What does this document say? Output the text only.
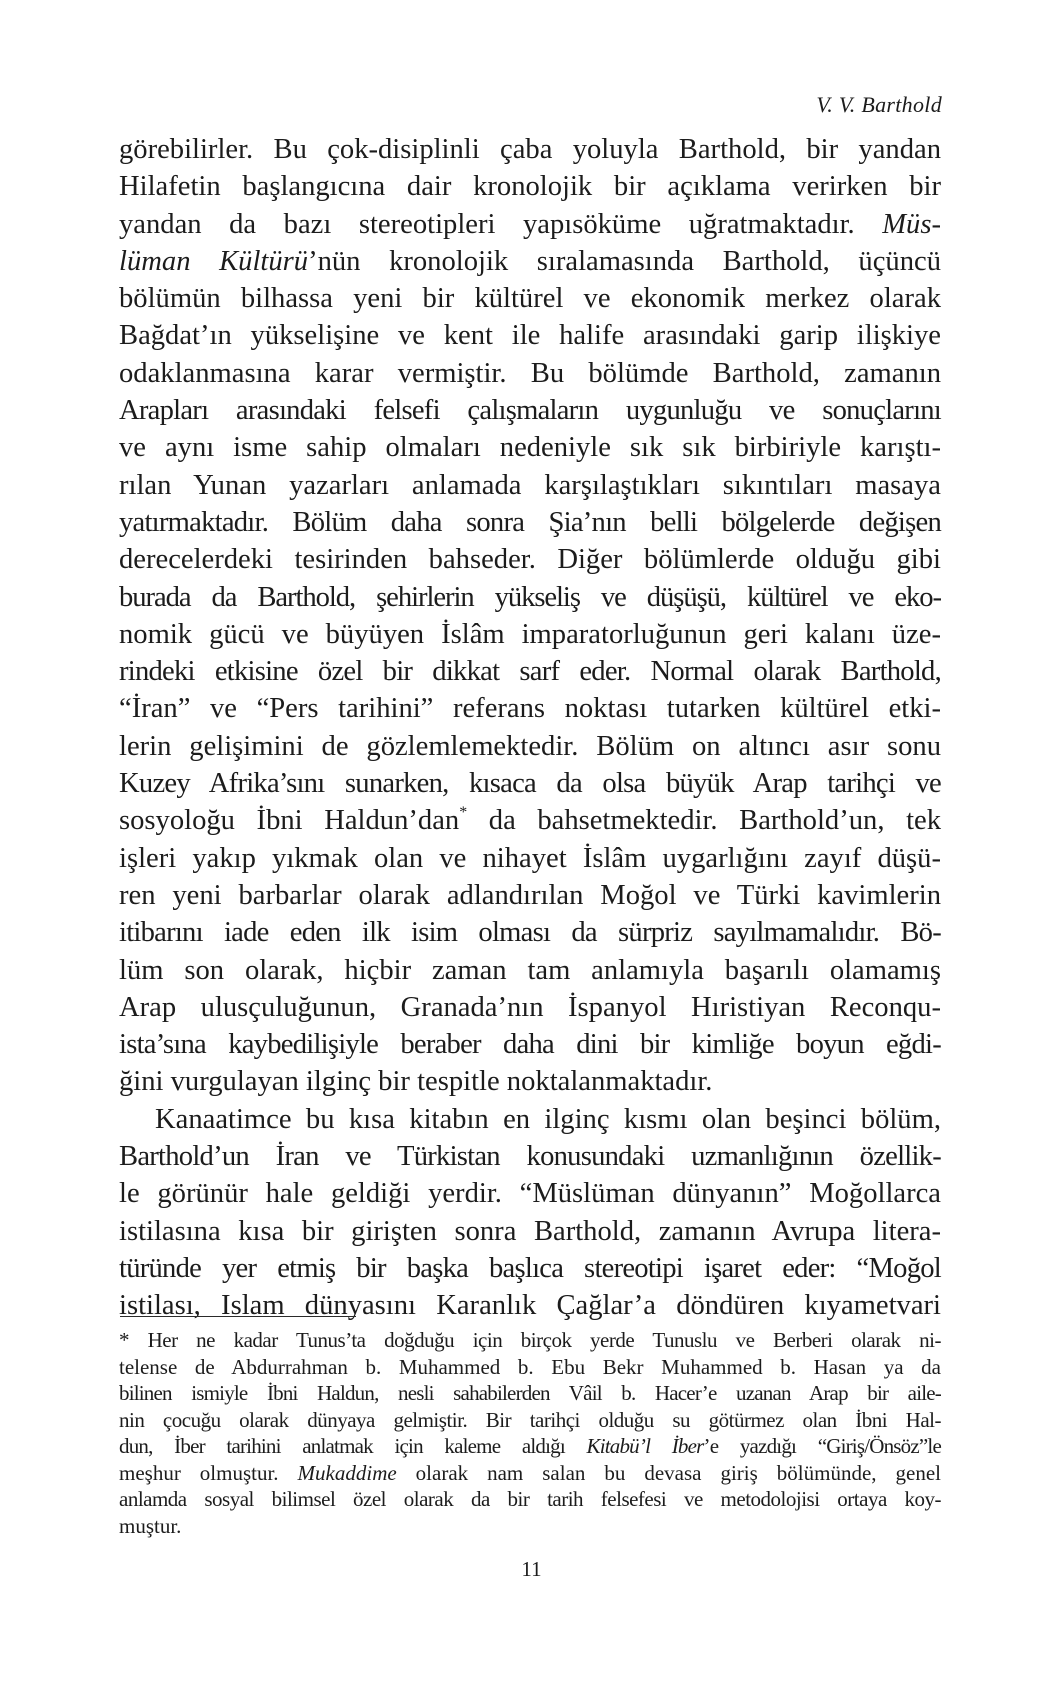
V. V. Barthold
görebilirler. Bu çok-disiplinli çaba yoluyla Barthold, bir yandan
Hilafetin başlangıcına dair kronolojik bir açıklama verirken bir
yandan da bazı stereotipleri yapısöküme uğratmaktadır. Müs-
lüman Kültürü’nün kronolojik sıralamasında Barthold, üçüncü
bölümün bilhassa yeni bir kültürel ve ekonomik merkez olarak
Bağdat’ın yükselişine ve kent ile halife arasındaki garip ilişkiye
odaklanmasına karar vermiştir. Bu bölümde Barthold, zamanın
Arapları arasındaki felsefi çalışmaların uygunluğu ve sonuçlarını
ve aynı isme sahip olmaları nedeniyle sık sık birbiriyle karıştı-
rılan Yunan yazarları anlamada karşılaştıkları sıkıntıları masaya
yatırmaktadır. Bölüm daha sonra Şia’nın belli bölgelerde değişen
derecelerdeki tesirinden bahseder. Diğer bölümlerde olduğu gibi
burada da Barthold, şehirlerin yükseliş ve düşüşü, kültürel ve eko-
nomik gücü ve büyüyen İslâm imparatorluğunun geri kalanı üze-
rindeki etkisine özel bir dikkat sarf eder. Normal olarak Barthold,
“İran” ve “Pers tarihini” referans noktası tutarken kültürel etki-
lerin gelişimini de gözlemlemektedir. Bölüm on altıncı asır sonu
Kuzey Afrika’sını sunarken, kısaca da olsa büyük Arap tarihçi ve
sosyoloğu İbni Haldun’dan* da bahsetmektedir. Barthold’un, tek
işleri yakıp yıkmak olan ve nihayet İslâm uygarlığını zayıf düşü-
ren yeni barbarlar olarak adlandırılan Moğol ve Türki kavimlerin
itibarını iade eden ilk isim olması da sürpriz sayılmamalıdır. Bö-
lüm son olarak, hiçbir zaman tam anlamıyla başarılı olamamış
Arap ulusçuluğunun, Granada’nın İspanyol Hıristiyan Reconqu-
ista’sına kaybedilişiyle beraber daha dini bir kimliğe boyun eğdi-
ğini vurgulayan ilginç bir tespitle noktalanmaktadır.
Kanaatimce bu kısa kitabın en ilginç kısmı olan beşinci bölüm,
Barthold’un İran ve Türkistan konusundaki uzmanlığının özellik-
le görünür hale geldiği yerdir. “Müslüman dünyanın” Moğollarca
istilasına kısa bir girişten sonra Barthold, zamanın Avrupa litera-
türünde yer etmiş bir başka başlıca stereotipi işaret eder: “Moğol
istilası, Islam dünyasını Karanlık Çağlar’a döndüren kıyametvari
* Her ne kadar Tunus’ta doğduğu için birçok yerde Tunuslu ve Berberi olarak ni-
telense de Abdurrahman b. Muhammed b. Ebu Bekr Muhammed b. Hasan ya da
bilinen ismiyle İbni Haldun, nesli sahabilerden Vâil b. Hacer’e uzanan Arap bir aile-
nin çocuğu olarak dünyaya gelmiştir. Bir tarihçi olduğu su götürmez olan İbni Hal-
dun, İber tarihini anlatmak için kaleme aldığı Kitabü’l İber’e yazdığı “Giriş/Önsöz”le
meşhur olmuştur. Mukaddime olarak nam salan bu devasa giriş bölümünde, genel
anlamda sosyal bilimsel özel olarak da bir tarih felsefesi ve metodolojisi ortaya koy-
muştur.
11
